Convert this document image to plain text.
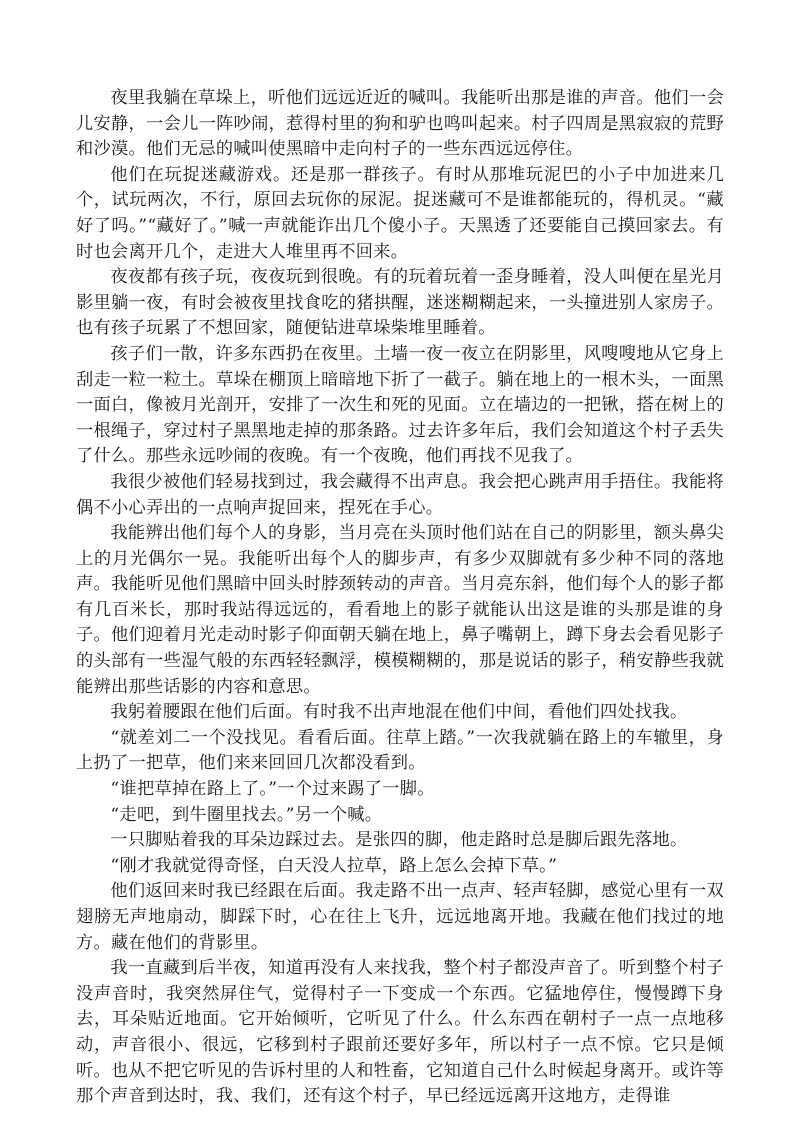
夜里我躺在草垛上，听他们远远近近的喊叫。我能听出那是谁的声音。他们一会儿安静，一会儿一阵吵闹，惹得村里的狗和驴也鸣叫起来。村子四周是黑寂寂的荒野和沙漠。他们无忌的喊叫使黑暗中走向村子的一些东西远远停住。

他们在玩捉迷藏游戏。还是那一群孩子。有时从那堆玩泥巴的小子中加进来几个，试玩两次，不行，原回去玩你的尿泥。捉迷藏可不是谁都能玩的，得机灵。“藏好了吗。”“藏好了。”喊一声就能诈出几个傻小子。天黑透了还要能自己摸回家去。有时也会离开几个，走进大人堆里再不回来。

夜夜都有孩子玩，夜夜玩到很晚。有的玩着玩着一歪身睡着，没人叫便在星光月影里躺一夜，有时会被夜里找食吃的猪拱醒，迷迷糊糊起来，一头撞进别人家房子。也有孩子玩累了不想回家，随便钻进草垛柴堆里睡着。

孩子们一散，许多东西扔在夜里。土墙一夜一夜立在阴影里，风嗖嗖地从它身上刮走一粒一粒土。草垛在棚顶上暗暗地下折了一截子。躺在地上的一根木头，一面黑一面白，像被月光剖开，安排了一次生和死的见面。立在墙边的一把锹，搭在树上的一根绳子，穿过村子黑黑地走掉的那条路。过去许多年后，我们会知道这个村子丢失了什么。那些永远吵闹的夜晚。有一个夜晚，他们再找不见我了。

我很少被他们轻易找到过，我会藏得不出声息。我会把心跳声用手捂住。我能将偶不小心弄出的一点响声捉回来，捏死在手心。

我能辨出他们每个人的身影，当月亮在头顶时他们站在自己的阴影里，额头鼻尖上的月光偶尔一晃。我能听出每个人的脚步声，有多少双脚就有多少种不同的落地声。我能听见他们黑暗中回头时脖颈转动的声音。当月亮东斜，他们每个人的影子都有几百米长，那时我站得远远的，看看地上的影子就能认出这是谁的头那是谁的身子。他们迎着月光走动时影子仰面朝天躺在地上，鼻子嘴朝上，蹲下身去会看见影子的头部有一些湿气般的东西轻轻飘浮，模模糊糊的，那是说话的影子，稍安静些我就能辨出那些话影的内容和意思。

我躬着腰跟在他们后面。有时我不出声地混在他们中间，看他们四处找我。

“就差刘二一个没找见。看看后面。往草上踏。”一次我就躺在路上的车辙里，身上扔了一把草，他们来来回回几次都没看到。

“谁把草掉在路上了。”一个过来踢了一脚。

“走吧，到牛圈里找去。”另一个喊。

一只脚贴着我的耳朵边踩过去。是张四的脚，他走路时总是脚后跟先落地。

“刚才我就觉得奇怪，白天没人拉草，路上怎么会掉下草。”

他们返回来时我已经跟在后面。我走路不出一点声、轻声轻脚，感觉心里有一双翅膀无声地扇动，脚踩下时，心在往上飞升，远远地离开地。我藏在他们找过的地方。藏在他们的背影里。

我一直藏到后半夜，知道再没有人来找我，整个村子都没声音了。听到整个村子没声音时，我突然屏住气，觉得村子一下变成一个东西。它猛地停住，慢慢蹲下身去，耳朵贴近地面。它开始倾听，它听见了什么。什么东西在朝村子一点一点地移动，声音很小、很远，它移到村子跟前还要好多年，所以村子一点不惊。它只是倾听。也从不把它听见的告诉村里的人和牲畜，它知道自己什么时候起身离开。或许等那个声音到达时，我、我们，还有这个村子，早已经远远离开这地方，走得谁
